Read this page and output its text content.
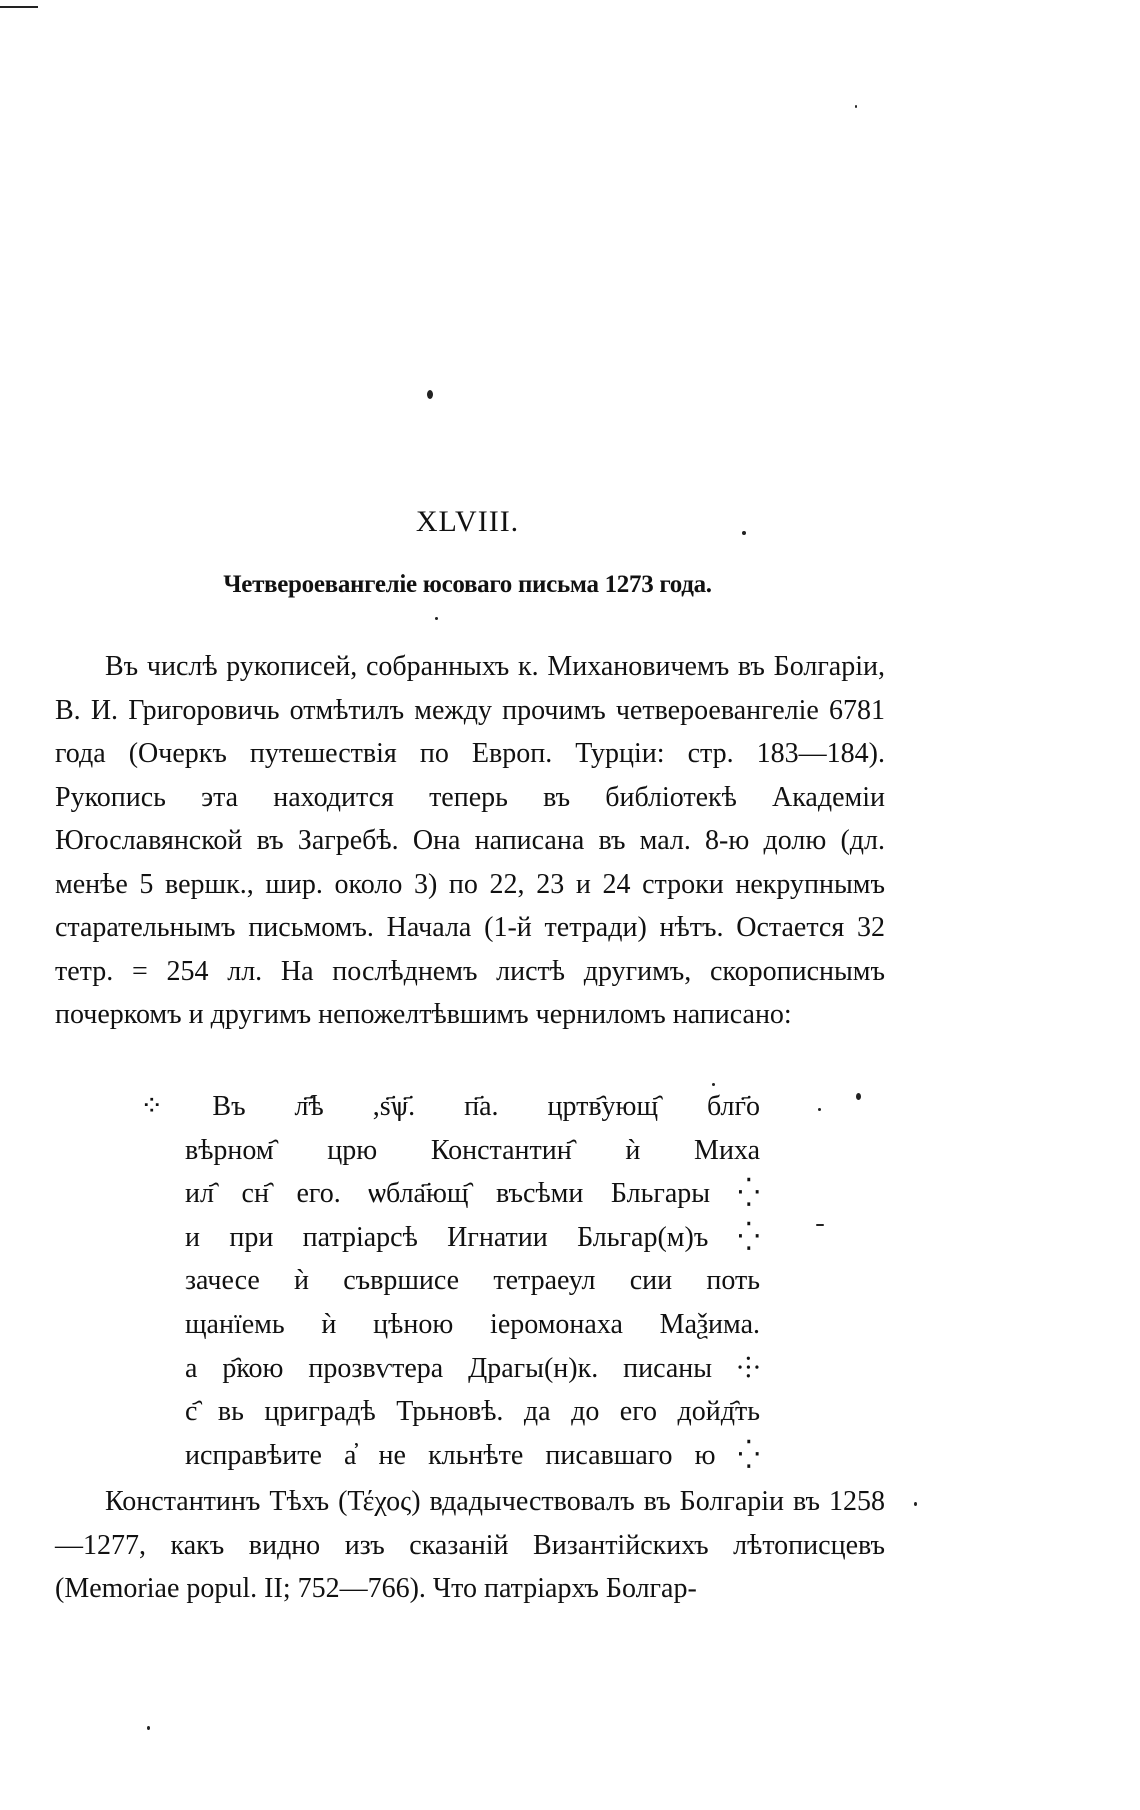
XLVIII.
Четвероевангеліе юсоваго письма 1273 года.

Въ числѣ рукописей, собранныхъ к. Михановичемъ въ Болгаріи, В. И. Григоровичь отмѣтилъ между прочимъ четвероевангеліе 6781 года (Очеркъ путешествія по Европ. Турціи: стр. 183—184). Рукопись эта находится теперь въ библіотекѣ Академіи Югославянской въ Загребѣ. Она написана въ мал. 8-ю долю (дл. менѣе 5 вершк., шир. около 3) по 22, 23 и 24 строки некрупнымъ старательнымъ письмомъ. Начала (1-й тетради) нѣтъ. Остается 32 тетр. = 254 лл. На послѣднемъ листѣ другимъ, скорописнымъ почеркомъ и другимъ непожелтѣвшимъ черниломъ написано:

⁘ Въ л҃ѣ ,ѕ҃ѱ҃. п҃а. цртв҄ующ҄ блг҃о
вѣрном҄ црю Константин҄ ѝ Миха
ил҄ сн҄ его. ѡбла҃ющ҄ въсѣми Бльгары ⁛
и при патріарсѣ Игнатии Бльгар(м)ъ ⁛
зачесе ѝ съвршисе тетраеул сии поть
щанїемь ѝ цѣною іеромонаха Маѯима.
а р҄кою прозвѵтера Драгы(н)к. писаны ⸭
с҄ вь цриградѣ Трьновѣ. да до его дойд҄ть
исправѣите а̓ не кльнѣте писавшаго ю ⁛

Константинъ Тѣхъ (Τέχος) вдадычествовалъ въ Болгаріи въ 1258—1277, какъ видно изъ сказаній Византійскихъ лѣтописцевъ (Memoriae popul. II; 752—766). Что патріархъ Болгар-
